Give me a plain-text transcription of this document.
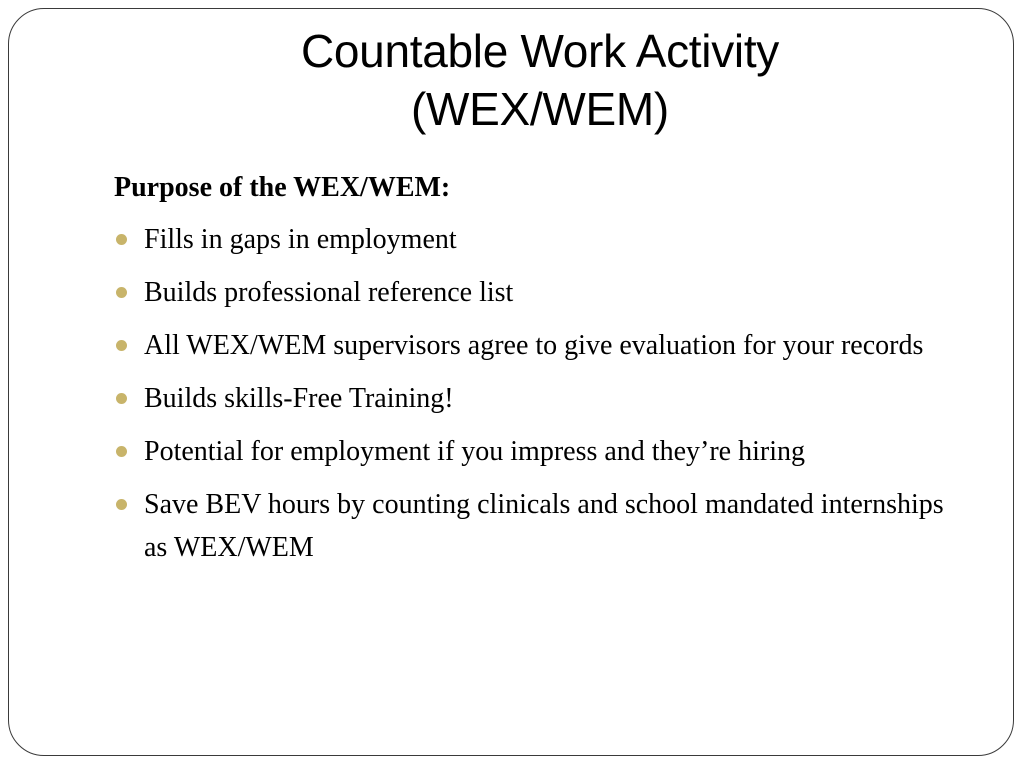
Countable Work Activity
(WEX/WEM)
Purpose of the WEX/WEM:
Fills in gaps in employment
Builds professional reference list
All WEX/WEM supervisors agree to give evaluation for your records
Builds skills-Free Training!
Potential for employment if you impress and they’re hiring
Save BEV hours by counting clinicals and school mandated internships as WEX/WEM
